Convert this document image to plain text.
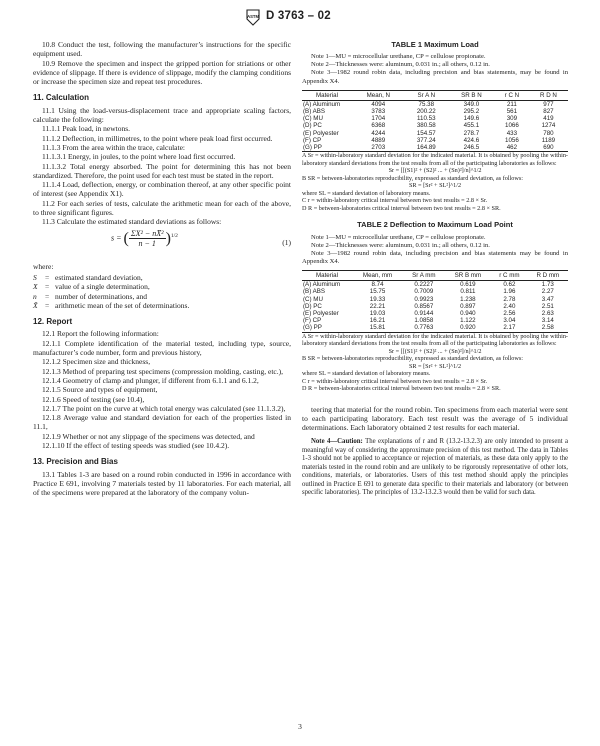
ASTM D 3763 – 02

10.8 Conduct the test, following the manufacturer’s instructions for the specific equipment used.

10.9 Remove the specimen and inspect the gripped portion for striations or other evidence of slippage. If there is evidence of slippage, modify the clamping conditions or increase the specimen size and repeat test procedures.

11. Calculation

11.1 Using the load-versus-displacement trace and appropriate scaling factors, calculate the following:

11.1.1 Peak load, in newtons.

11.1.2 Deflection, in millimetres, to the point where peak load first occurred.

11.1.3 From the area within the trace, calculate:

11.1.3.1 Energy, in joules, to the point where load first occurred.

11.1.3.2 Total energy absorbed. The point for determining this has not been standardized. Therefore, the point used for each test must be stated in the report.

11.1.4 Load, deflection, energy, or combination thereof, at any other specific point of interest (see Appendix X1).

11.2 For each series of tests, calculate the arithmetic mean for each of the above, to three significant figures.

11.3 Calculate the estimated standard deviations as follows:

s = ( $\frac{\text{ΣX² − nX̄²}}{n - 1} )^{1/2}$
(1)

where:

S	= estimated standard deviation,
X = value of a single determination,
n	= number of determinations, and
X̄ = arithmetic mean of the set of determinations.
12. Report

12.1 Report the following information:

12.1.1 Complete identification of the material tested, including type, source, manufacturer’s code number, form and previous history,

12.1.2 Specimen size and thickness,

12.1.3 Method of preparing test specimens (compression molding, casting, etc.),

12.1.4 Geometry of clamp and plunger, if different from 6.1.1 and 6.1.2,

12.1.5 Source and types of equipment,

12.1.6 Speed of testing (see 10.4),

12.1.7 The point on the curve at which total energy was calculated (see 11.1.3.2),

12.1.8 Average value and standard deviation for each of the properties listed in 11.1,

12.1.9 Whether or not any slippage of the specimens was detected, and

12.1.10 If the effect of testing speeds was studied (see 10.4.2).

13. Precision and Bias

13.1 Tables 1-3 are based on a round robin conducted in 1996 in accordance with Practice E 691, involving 7 materials tested by 11 laboratories. For each material, all of the specimens were prepared at the laboratory of the company volun-

TABLE 1 Maximum Load

Note 1—MU = microcellular urethane, CP = cellulose propionate.

Note 2—Thicknesses were: aluminum, 0.031 in.; all others, 0.12 in.

Note 3—1982 round robin data, including precision and bias statements, may be found in Appendix X4.

Material	Mean, N	Sr A N	SR B N	r C N	R D N
(A) Aluminum	4094	75.38	349.0	211	977
(B) ABS	3783	200.22	295.2	561	827
(C) MU	1704	110.53	149.6	309	419
(D) PC	6368	380.58	455.1	1066	1274
(E) Polyester	4244	154.57	278.7	433	780
(F) CP	4889	377.24	424.6	1056	1189
(G) PP	2703	164.89	246.5	462	690

A Sr = within-laboratory standard deviation for the indicated material. It is obtained by pooling the within-laboratory standard deviations from the test results from all of the participating laboratories as follows:

Sr = [[(S1)² + (S2)² ... + (Sn)²]/n]^1/2

B SR = between-laboratories reproducibility, expressed as standard deviation, as follows:

SR = [Sr² + SL²]^1/2

where SL = standard deviation of laboratory means.

C r = within-laboratory critical interval between two test results = 2.8 × Sr.

D R = between-laboratories critical interval between two test results = 2.8 × SR.

TABLE 2 Deflection to Maximum Load Point

Note 1—MU = microcellular urethane, CP = cellulose propionate.

Note 2—Thicknesses were: aluminum, 0.031 in.; all others, 0.12 in.

Note 3—1982 round robin data, including precision and bias statements may be found in Appendix X4.

Material	Mean, mm	Sr A mm	SR B mm	r C mm	R D mm
(A) Aluminum	8.74	0.2227	0.619	0.62	1.73
(B) ABS	15.75	0.7009	0.811	1.96	2.27
(C) MU	19.33	0.9923	1.238	2.78	3.47
(D) PC	22.21	0.8567	0.897	2.40	2.51
(E) Polyester	19.03	0.9144	0.940	2.56	2.63
(F) CP	16.21	1.0858	1.122	3.04	3.14
(G) PP	15.81	0.7763	0.920	2.17	2.58

A Sr = within-laboratory standard deviation for the indicated material. It is obtained by pooling the within-laboratory standard deviations from the test results from all of the participating laboratories as follows:

Sr = [[(S1)² + (S2)² ... + (Sn)²]/n]^1/2

B SR = between-laboratories reproducibility, expressed as standard deviation, as follows:

SR = [Sr² + SL²]^1/2

where SL = standard deviation of laboratory means.

C r = within-laboratory critical interval between two test results = 2.8 × Sr.

D R = between-laboratories critical interval between two test results = 2.8 × SR.

teering that material for the round robin. Ten specimens from each material were sent to each participating laboratory. Each test result was the average of 5 individual determinations. Each laboratory obtained 2 test results for each material.

Note 4—Caution: The explanations of r and R (13.2-13.2.3) are only intended to present a meaningful way of considering the approximate precision of this test method. The data in Tables 1-3 should not be applied to acceptance or rejection of materials, as these data only apply to the materials tested in the round robin and are unlikely to be rigorously representative of other lots, conditions, materials, or laboratories. Users of this test method should apply the principles outlined in Practice E 691 to generate data specific to their materials and laboratory (or between specific laboratories). The principles of 13.2-13.2.3 would then be valid for such data.

3
